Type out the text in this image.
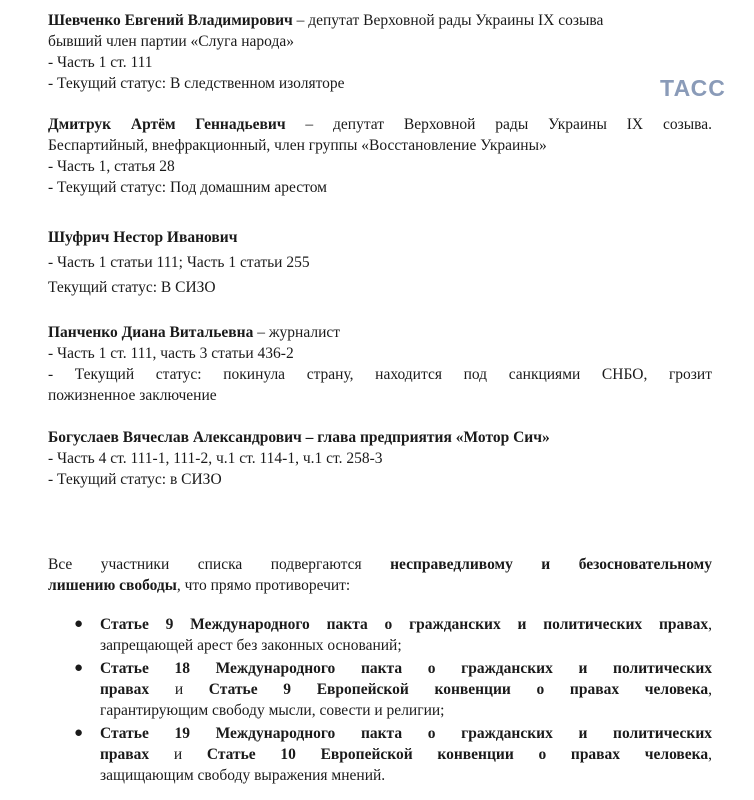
ТАСС
Шевченко Евгений Владимирович – депутат Верховной рады Украины IX созыва
бывший член партии «Слуга народа»
- Часть 1 ст. 111
- Текущий статус: В следственном изоляторе
Дмитрук Артём Геннадьевич – депутат Верховной рады Украины IX созыва.
Беспартийный, внефракционный, член группы «Восстановление Украины»
- Часть 1, статья 28
- Текущий статус: Под домашним арестом
Шуфрич Нестор Иванович
- Часть 1 статьи 111; Часть 1 статьи 255
Текущий статус: В СИЗО
Панченко Диана Витальевна – журналист
- Часть 1 ст. 111, часть 3 статьи 436-2
- Текущий статус: покинула страну, находится под санкциями СНБО, грозит
пожизненное заключение
Богуслаев Вячеслав Александрович – глава предприятия «Мотор Сич»
- Часть 4 ст. 111-1, 111-2, ч.1 ст. 114-1, ч.1 ст. 258-3
- Текущий статус: в СИЗО
Все участники списка подвергаются несправедливому и безосновательному
лишению свободы, что прямо противоречит:
● Статье 9 Международного пакта о гражданских и политических правах,
запрещающей арест без законных оснований;
● Статье 18 Международного пакта о гражданских и политических
правах и Статье 9 Европейской конвенции о правах человека,
гарантирующим свободу мысли, совести и религии;
● Статье 19 Международного пакта о гражданских и политических
правах и Статье 10 Европейской конвенции о правах человека,
защищающим свободу выражения мнений.
